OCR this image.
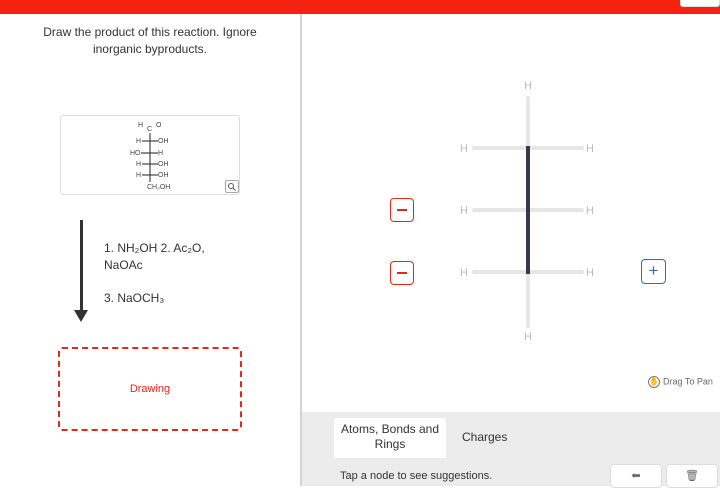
Draw the product of this reaction. Ignore inorganic byproducts.
H
C
O
H OH
HO	H
H OH
H OH
CH₂OH
1. NH₂OH 2. Ac₂O, NaOAc
3. NaOCH₃
Drawing
H
H
H	H
H	H
H	H	+
✋ Drag To Pan
Atoms, Bonds and Rings	Charges
Tap a node to see suggestions.	⬅	🗑
